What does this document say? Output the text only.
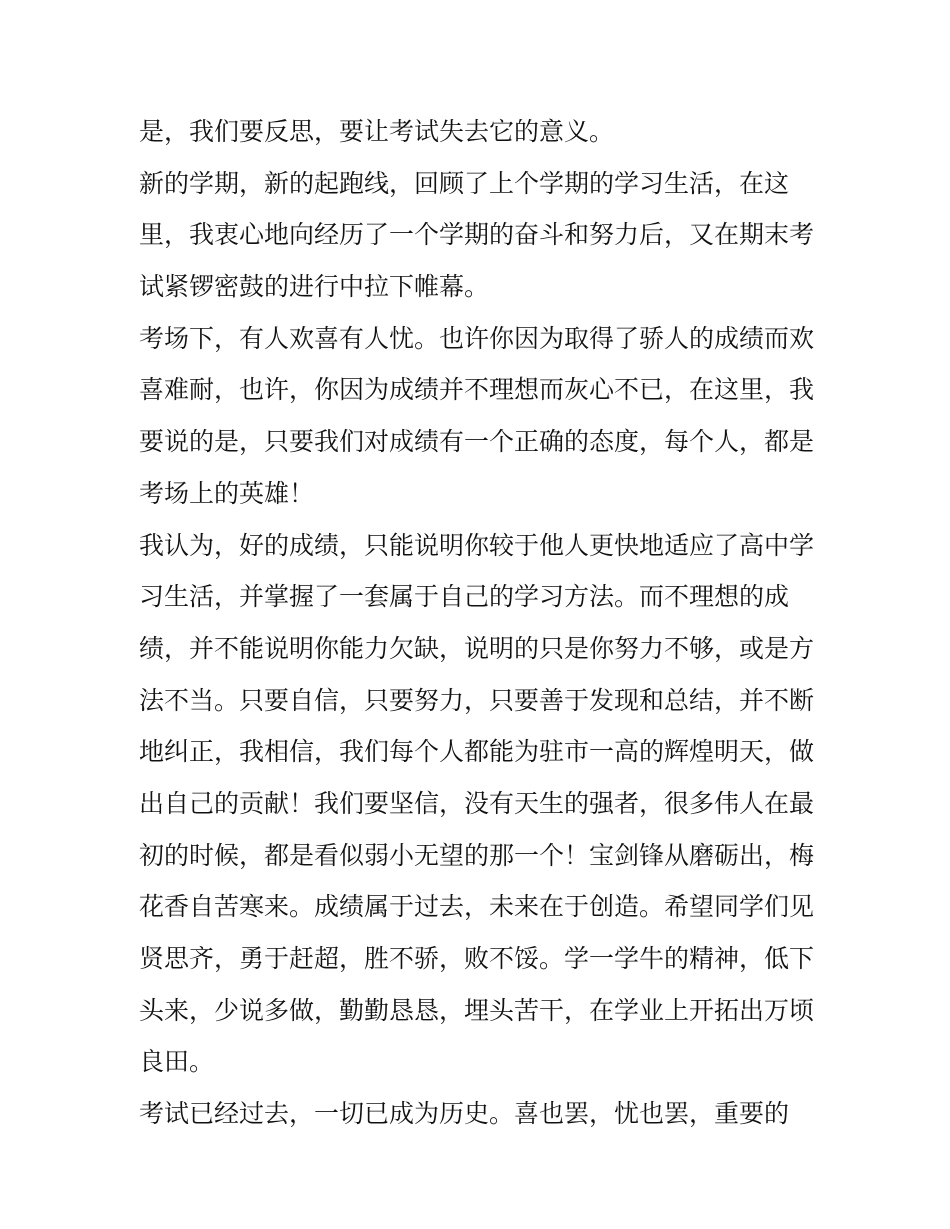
是，我们要反思，要让考试失去它的意义。
新的学期，新的起跑线，回顾了上个学期的学习生活，在这
里，我衷心地向经历了一个学期的奋斗和努力后，又在期末考
试紧锣密鼓的进行中拉下帷幕。
考场下，有人欢喜有人忧。也许你因为取得了骄人的成绩而欢
喜难耐，也许，你因为成绩并不理想而灰心不已，在这里，我
要说的是，只要我们对成绩有一个正确的态度，每个人，都是
考场上的英雄！
我认为，好的成绩，只能说明你较于他人更快地适应了高中学
习生活，并掌握了一套属于自己的学习方法。而不理想的成
绩，并不能说明你能力欠缺，说明的只是你努力不够，或是方
法不当。只要自信，只要努力，只要善于发现和总结，并不断
地纠正，我相信，我们每个人都能为驻市一高的辉煌明天，做
出自己的贡献！我们要坚信，没有天生的强者，很多伟人在最
初的时候，都是看似弱小无望的那一个！宝剑锋从磨砺出，梅
花香自苦寒来。成绩属于过去，未来在于创造。希望同学们见
贤思齐，勇于赶超，胜不骄，败不馁。学一学牛的精神，低下
头来，少说多做，勤勤恳恳，埋头苦干，在学业上开拓出万顷
良田。
考试已经过去，一切已成为历史。喜也罢，忧也罢，重要的
